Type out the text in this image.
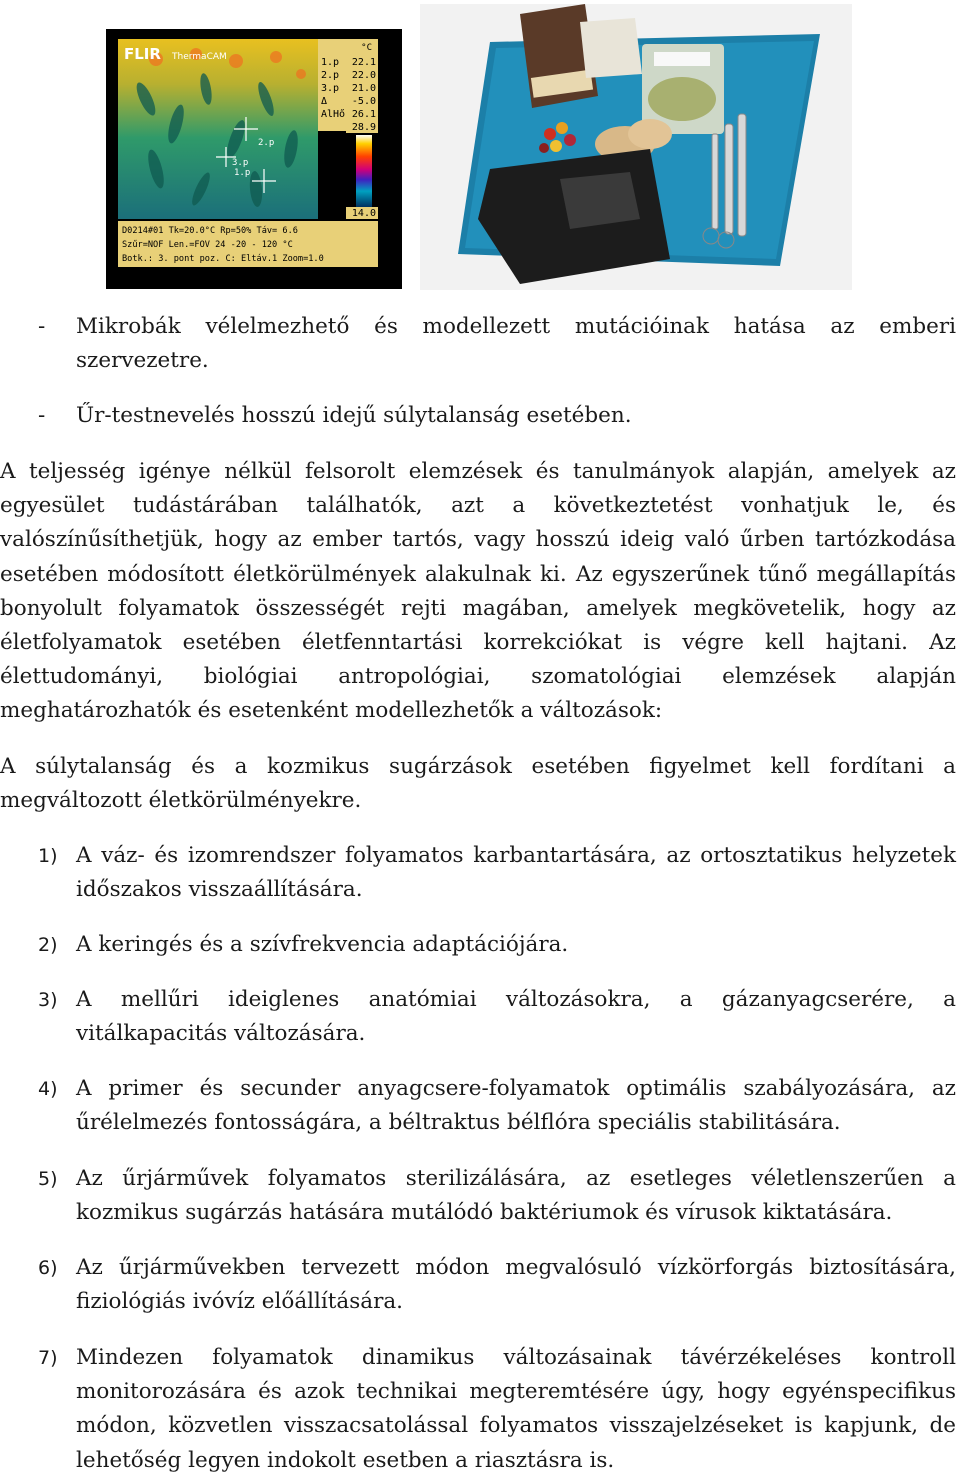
2.p
3.p
1.p
FLIR ThermaCAM
°C
1.p 22.1
2.p 22.0
3.p 21.0
Δ -5.0
AlHő 26.1
28.9
14.0
D0214#01 Tk=20.0°C Rp=50% Táv= 6.6
Szűr=NOF Len.=FOV 24 -20 - 120 °C
Botk.: 3. pont poz. C: Eltáv.1 Zoom=1.0
- Mikrobák vélelmezhető és modellezett mutációinak hatása az emberi szervezetre.
- Űr-testnevelés hosszú idejű súlytalanság esetében.

A teljesség igénye nélkül felsorolt elemzések és tanulmányok alapján, amelyek az egyesület tudástárában találhatók, azt a következtetést vonhatjuk le, és valószínűsíthetjük, hogy az ember tartós, vagy hosszú ideig való űrben tartózkodása esetében módosított életkörülmények alakulnak ki. Az egyszerűnek tűnő megállapítás bonyolult folyamatok összességét rejti magában, amelyek megkövetelik, hogy az életfolyamatok esetében életfenntartási korrekciókat is végre kell hajtani. Az élettudományi, biológiai antropológiai, szomatológiai elemzések alapján meghatározhatók és esetenként modellezhetők a változások:

A súlytalanság és a kozmikus sugárzások esetében figyelmet kell fordítani a megváltozott életkörülményekre.

1) A váz- és izomrendszer folyamatos karbantartására, az ortosztatikus helyzetek időszakos visszaállítására.
2) A keringés és a szívfrekvencia adaptációjára.
3) A mellűri ideiglenes anatómiai változásokra, a gázanyagcserére, a vitálkapacitás változására.
4) A primer és secunder anyagcsere-folyamatok optimális szabályozására, az űrélelmezés fontosságára, a béltraktus bélflóra speciális stabilitására.
5) Az űrjárművek folyamatos sterilizálására, az esetleges véletlenszerűen a kozmikus sugárzás hatására mutálódó baktériumok és vírusok kiktatására.
6) Az űrjárművekben tervezett módon megvalósuló vízkörforgás biztosítására, fiziológiás ivóvíz előállítására.
7) Mindezen folyamatok dinamikus változásainak távérzékeléses kontroll monitorozására és azok technikai megteremtésére úgy, hogy egyénspecifikus módon, közvetlen visszacsatolással folyamatos visszajelzéseket is kapjunk, de lehetőség legyen indokolt esetben a riasztásra is.
